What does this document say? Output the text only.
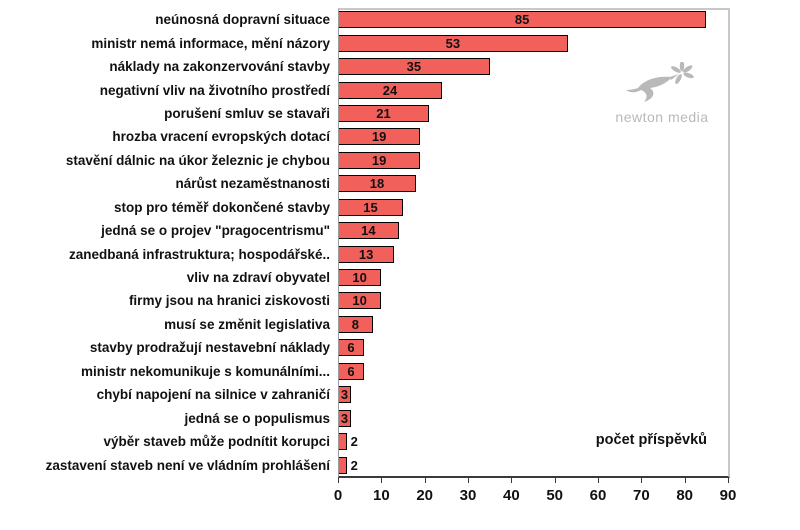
neúnosná dopravní situace	85
ministr nemá informace, mění názory	53
náklady na zakonzervování stavby	35
negativní vliv na životního prostředí	24
porušení smluv se stavaři	21
hrozba vracení evropských dotací	19
stavění dálnic na úkor železnic je chybou	19
nárůst nezaměstnanosti	18
stop pro téměř dokončené stavby	15
jedná se o projev "pragocentrismu"	14
zanedbaná infrastruktura; hospodářské..	13
vliv na zdraví obyvatel	10
firmy jsou na hranici ziskovosti	10
musí se změnit legislativa	8
stavby prodražují nestavební náklady	6
ministr nekomunikuje s komunálními...	6
chybí napojení na silnice v zahraničí 3
jedná se o populismus 3
výběr staveb může podnítit korupci	2
zastavení staveb není ve vládním prohlášení	2
0 10 20 30 40 50 60 70 80 90
počet příspěvků
newton media
